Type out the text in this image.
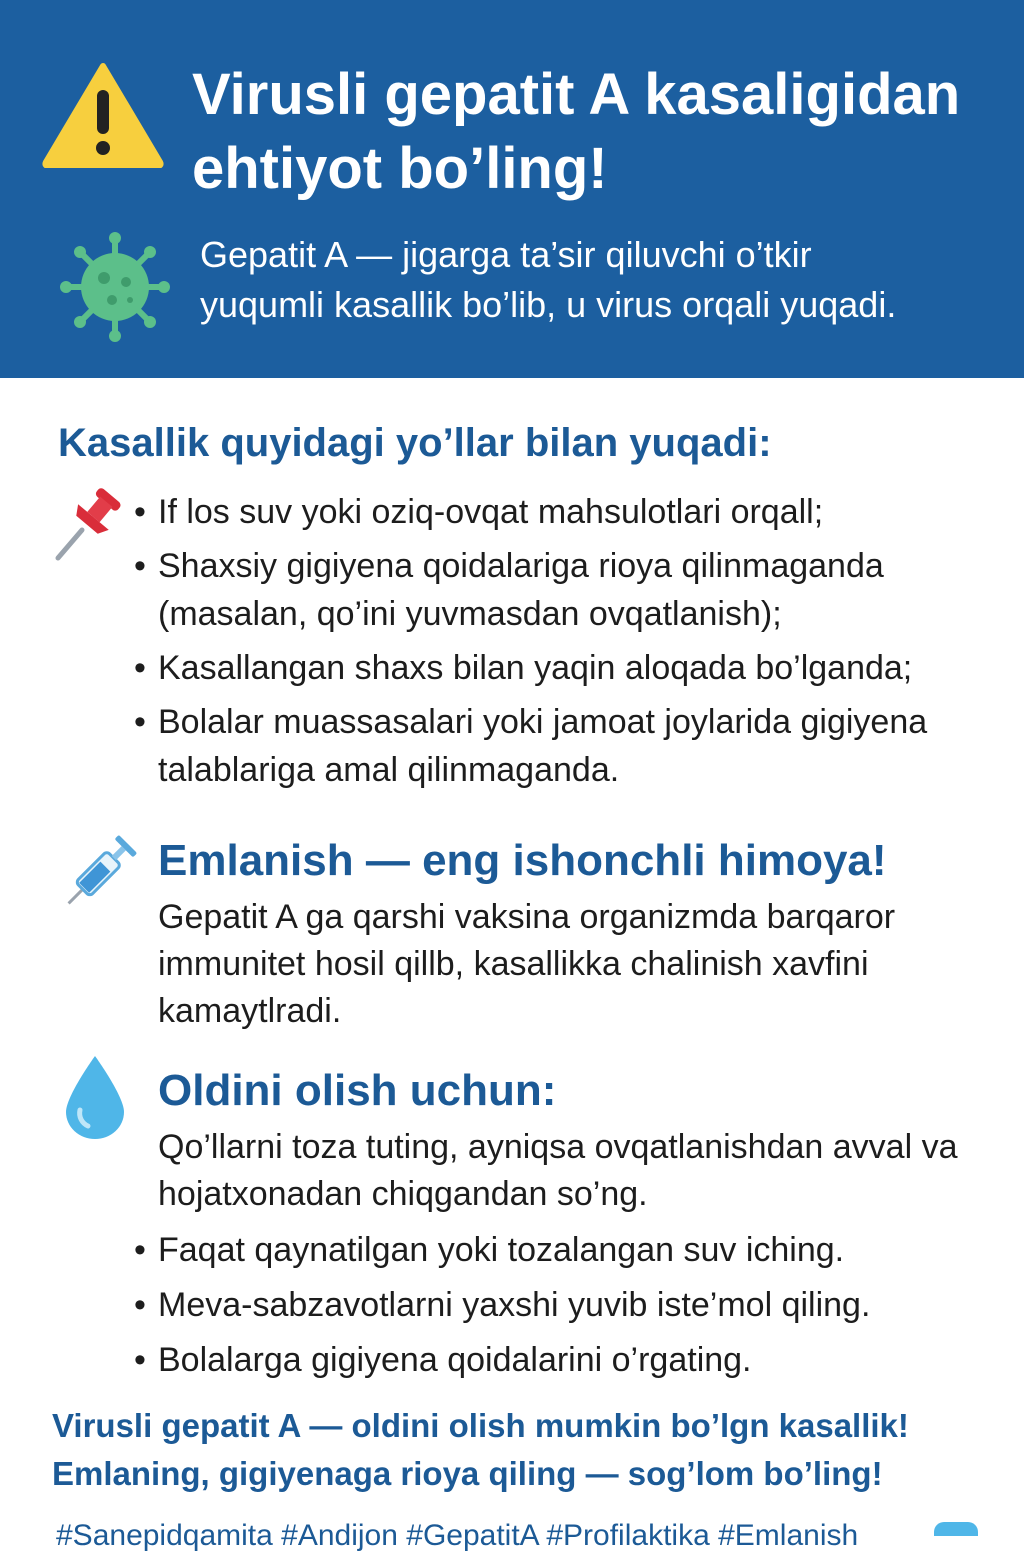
Virusli gepatit A kasaligidan
ehtiyot bo’ling!

Gepatit A — jigarga ta’sir qiluvchi o’tkir
yuqumli kasallik bo’lib, u virus orqali yuqadi.

Kasallik quyidagi yo’llar bilan yuqadi:
• If los suv yoki oziq-ovqat mahsulotlari orqall;
• Shaxsiy gigiyena qoidalariga rioya qilinmaganda (masalan, qo’ini yuvmasdan ovqatlanish);
• Kasallangan shaxs bilan yaqin aloqada bo’lganda;
• Bolalar muassasalari yoki jamoat joylarida gigiyena talablariga amal qilinmaganda.
Emlanish — eng ishonchli himoya!

Gepatit A ga qarshi vaksina organizmda barqaror immunitet hosil qillb, kasallikka chalinish xavfini kamaytlradi.

Oldini olish uchun:

Qo’llarni toza tuting, ayniqsa ovqatlanishdan avval va hojatxonadan chiqgandan so’ng.

• Faqat qaynatilgan yoki tozalangan suv iching.
• Meva-sabzavotlarni yaxshi yuvib iste’mol qiling.
• Bolalarga gigiyena qoidalarini o’rgating.

Virusli gepatit A — oldini olish mumkin bo’lgn kasallik!
Emlaning, gigiyenaga rioya qiling — sog’lom bo’ling!

#Sanepidqamita #Andijon #GepatitA #Profilaktika #Emlanish
